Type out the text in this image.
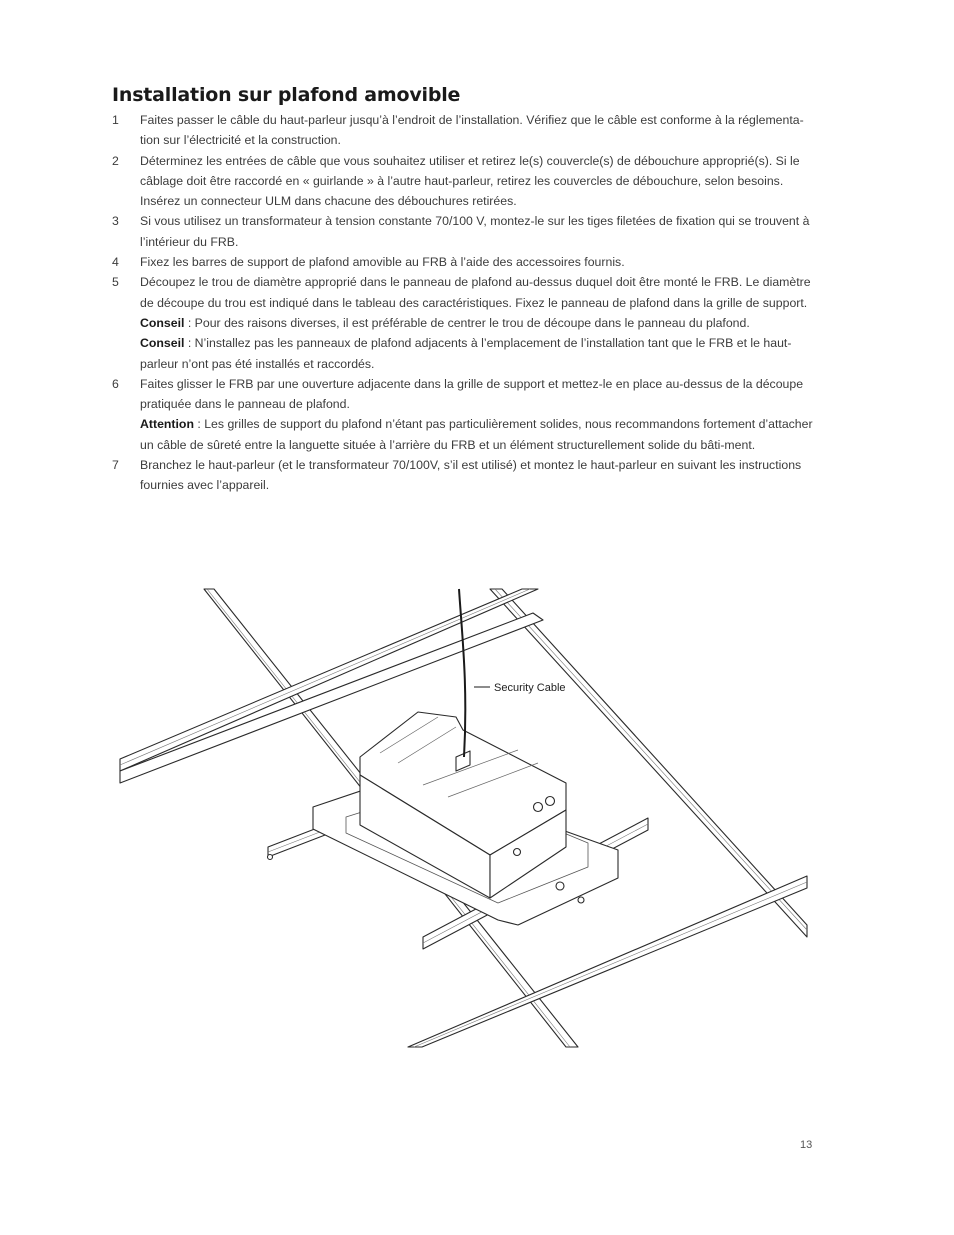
Installation sur plafond amovible
1 Faites passer le câble du haut-parleur jusqu’à l’endroit de l’installation. Vérifiez que le câble est conforme à la réglementa-tion sur l’électricité et la construction.

2 Déterminez les entrées de câble que vous souhaitez utiliser et retirez le(s) couvercle(s) de débouchure approprié(s). Si le câblage doit être raccordé en « guirlande » à l’autre haut-parleur, retirez les couvercles de débouchure, selon besoins. Insérez un connecteur ULM dans chacune des débouchures retirées.

3 Si vous utilisez un transformateur à tension constante 70/100 V, montez-le sur les tiges filetées de fixation qui se trouvent à l’intérieur du FRB.

4 Fixez les barres de support de plafond amovible au FRB à l’aide des accessoires fournis.

5 Découpez le trou de diamètre approprié dans le panneau de plafond au-dessus duquel doit être monté le FRB. Le diamètre de découpe du trou est indiqué dans le tableau des caractéristiques. Fixez le panneau de plafond dans la grille de support.

Conseil : Pour des raisons diverses, il est préférable de centrer le trou de découpe dans le panneau du plafond.

Conseil : N’installez pas les panneaux de plafond adjacents à l’emplacement de l’installation tant que le FRB et le haut-parleur n’ont pas été installés et raccordés.

6 Faites glisser le FRB par une ouverture adjacente dans la grille de support et mettez-le en place au-dessus de la découpe pratiquée dans le panneau de plafond.

Attention : Les grilles de support du plafond n’étant pas particulièrement solides, nous recommandons fortement d’attacher un câble de sûreté entre la languette située à l’arrière du FRB et un élément structurellement solide du bâti-ment.

7 Branchez le haut-parleur (et le transformateur 70/100V, s’il est utilisé) et montez le haut-parleur en suivant les instructions fournies avec l’appareil.

Security Cable
13
